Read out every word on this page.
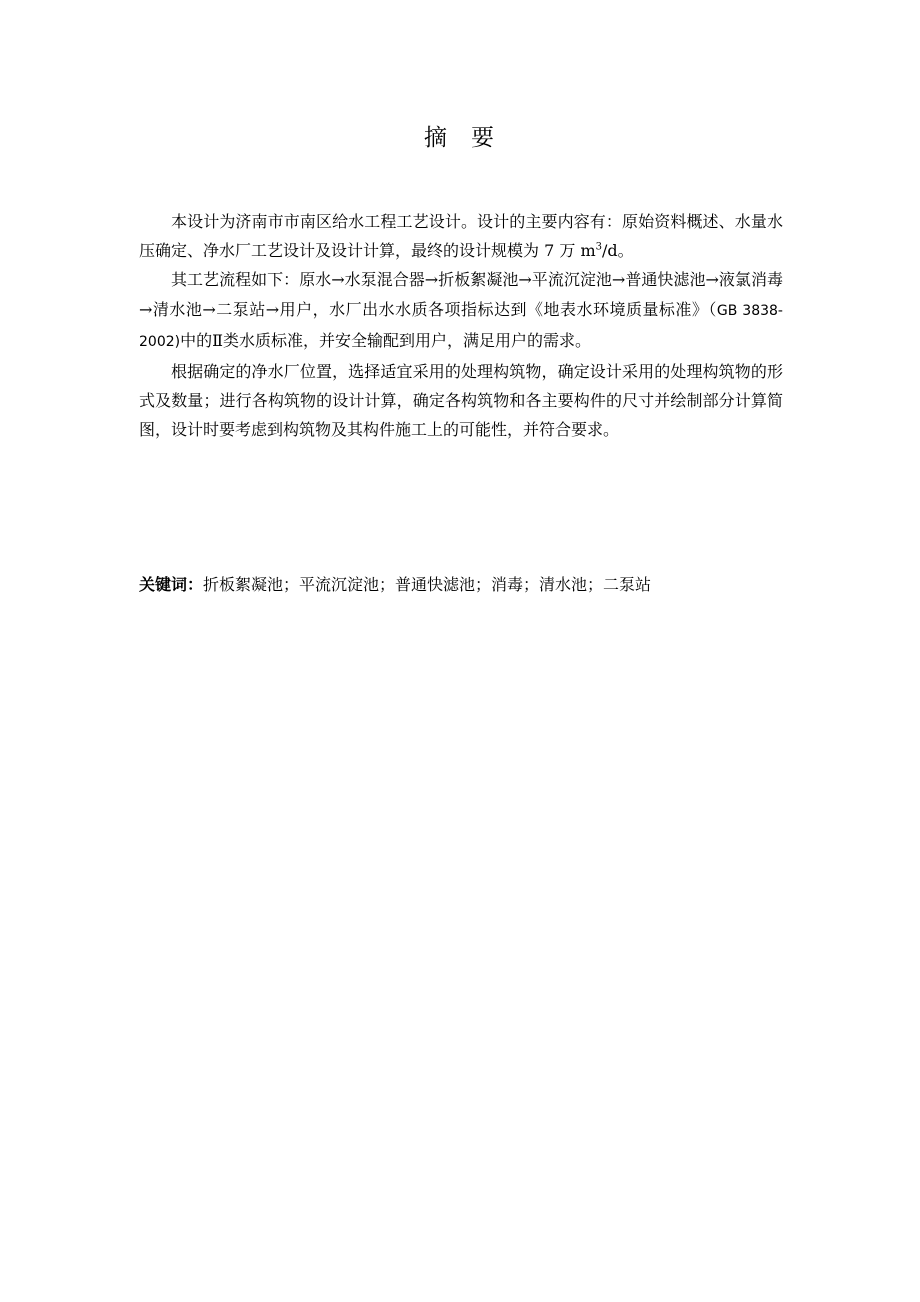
摘 要

本设计为济南市市南区给水工程工艺设计。设计的主要内容有：原始资料概述、水量水压确定、净水厂工艺设计及设计计算，最终的设计规模为 7 万 $m^3/d$。

其工艺流程如下：原水→水泵混合器→折板絮凝池→平流沉淀池→普通快滤池→液氯消毒→清水池→二泵站→用户，水厂出水水质各项指标达到《地表水环境质量标准》（GB 3838-2002)中的Ⅱ类水质标准，并安全输配到用户，满足用户的需求。

根据确定的净水厂位置，选择适宜采用的处理构筑物，确定设计采用的处理构筑物的形式及数量；进行各构筑物的设计计算，确定各构筑物和各主要构件的尺寸并绘制部分计算简图，设计时要考虑到构筑物及其构件施工上的可能性，并符合要求。

关键词：折板絮凝池；平流沉淀池；普通快滤池；消毒；清水池；二泵站
